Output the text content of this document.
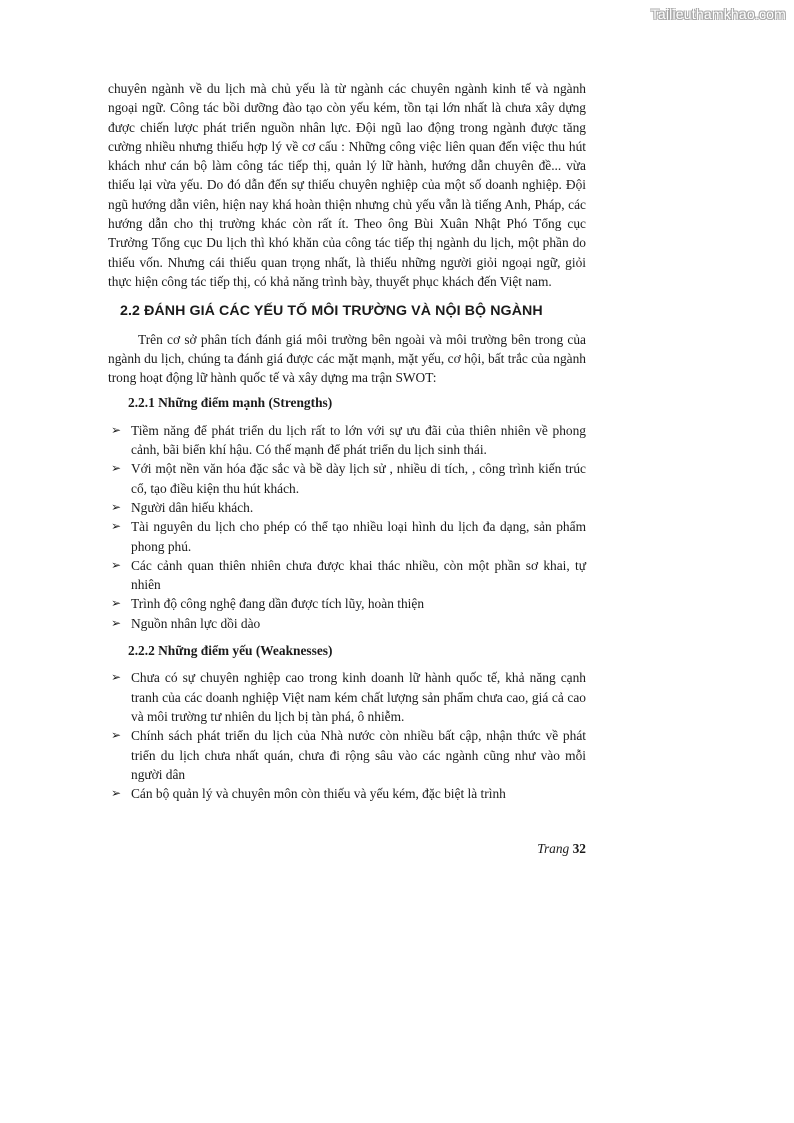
Tailieuthamkhao.com

chuyên ngành về du lịch mà chủ yếu là từ ngành các chuyên ngành kinh tế và ngành ngoại ngữ. Công tác bồi dưỡng đào tạo còn yếu kém, tồn tại lớn nhất là chưa xây dựng được chiến lược phát triển nguồn nhân lực. Đội ngũ lao động trong ngành được tăng cường nhiều nhưng thiếu hợp lý về cơ cấu : Những công việc liên quan đến việc thu hút khách như cán bộ làm công tác tiếp thị, quản lý lữ hành, hướng dẫn chuyên đề... vừa thiếu lại vừa yếu. Do đó dẫn đến sự thiếu chuyên nghiệp của một số doanh nghiệp. Đội ngũ hướng dẫn viên, hiện nay khá hoàn thiện nhưng chủ yếu vẫn là tiếng Anh, Pháp, các hướng dẫn cho thị trường khác còn rất ít. Theo ông Bùi Xuân Nhật Phó Tổng cục Trưởng Tổng cục Du lịch thì khó khăn của công tác tiếp thị ngành du lịch, một phần do thiếu vốn. Nhưng cái thiếu quan trọng nhất, là thiếu những người giỏi ngoại ngữ, giỏi thực hiện công tác tiếp thị, có khả năng trình bày, thuyết phục khách đến Việt nam.

2.2 ĐÁNH GIÁ CÁC YẾU TỐ MÔI TRƯỜNG VÀ NỘI BỘ NGÀNH

Trên cơ sở phân tích đánh giá môi trường bên ngoài và môi trường bên trong của ngành du lịch, chúng ta đánh giá được các mặt mạnh, mặt yếu, cơ hội, bất trắc của ngành trong hoạt động lữ hành quốc tế và xây dựng ma trận SWOT:

2.2.1 Những điểm mạnh (Strengths)
➢ Tiềm năng để phát triển du lịch rất to lớn với sự ưu đãi của thiên nhiên về phong cảnh, bãi biển khí hậu. Có thế mạnh để phát triển du lịch sinh thái.
➢ Với một nền văn hóa đặc sắc và bề dày lịch sử , nhiều di tích, , công trình kiến trúc cổ, tạo điều kiện thu hút khách.
➢ Người dân hiếu khách.
➢ Tài nguyên du lịch cho phép có thể tạo nhiều loại hình du lịch đa dạng, sản phẩm phong phú.
➢ Các cảnh quan thiên nhiên chưa được khai thác nhiều, còn một phần sơ khai, tự nhiên
➢ Trình độ công nghệ đang dần được tích lũy, hoàn thiện
➢ Nguồn nhân lực dồi dào
2.2.2 Những điểm yếu (Weaknesses)
➢ Chưa có sự chuyên nghiệp cao trong kinh doanh lữ hành quốc tế, khả năng cạnh tranh của các doanh nghiệp Việt nam kém chất lượng sản phẩm chưa cao, giá cả cao và môi trường tư nhiên du lịch bị tàn phá, ô nhiễm.
➢ Chính sách phát triển du lịch của Nhà nước còn nhiều bất cập, nhận thức về phát triển du lịch chưa nhất quán, chưa đi rộng sâu vào các ngành cũng như vào mỗi người dân
➢ Cán bộ quản lý và chuyên môn còn thiếu và yếu kém, đặc biệt là trình
Trang 32
